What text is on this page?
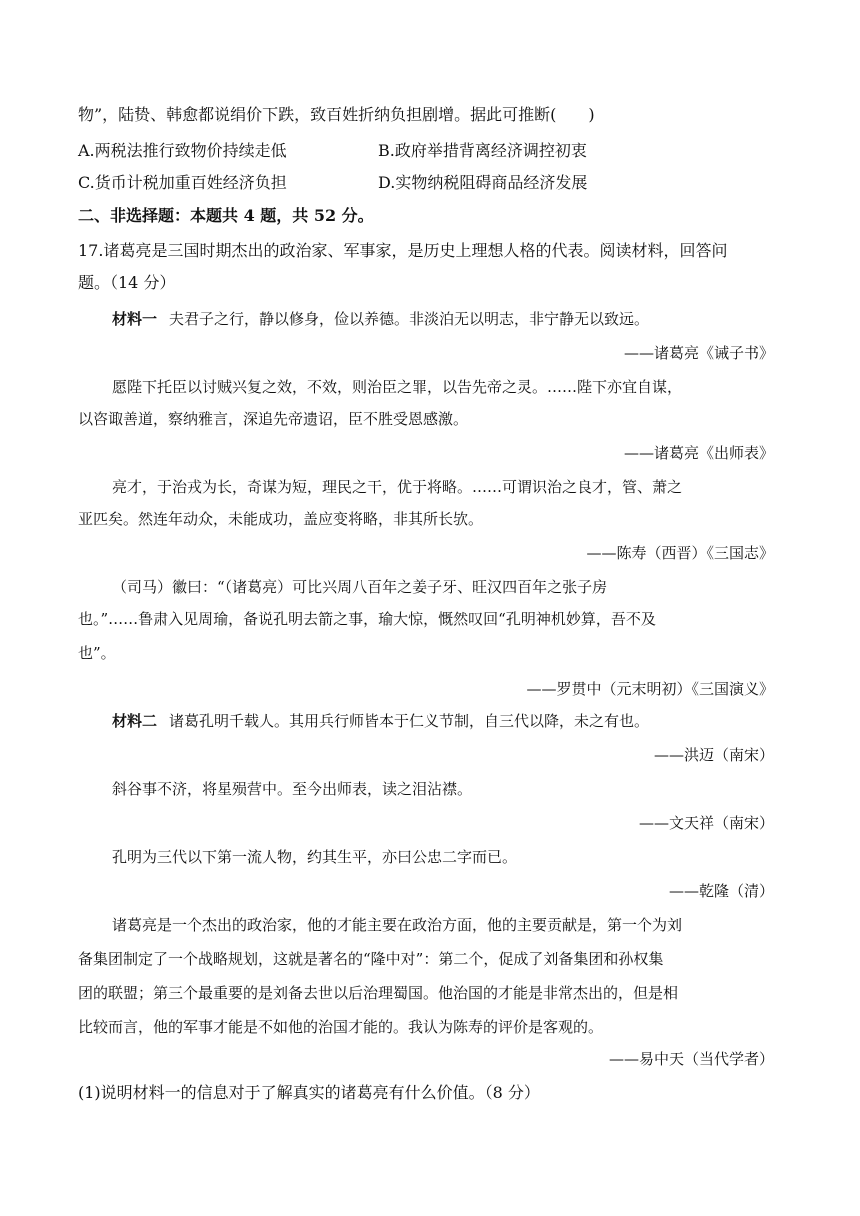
物”，陆贽、韩愈都说绢价下跌，致百姓折纳负担剧增。据此可推断(　　)
A.两税法推行致物价持续走低	B.政府举措背离经济调控初衷
C.货币计税加重百姓经济负担	D.实物纳税阻碍商品经济发展
二、非选择题：本题共 4 题，共 52 分。
17.诸葛亮是三国时期杰出的政治家、军事家，是历史上理想人格的代表。阅读材料，回答问
题。（14 分）
材料一 夫君子之行，静以修身，俭以养德。非淡泊无以明志，非宁静无以致远。
——诸葛亮《诫子书》
愿陛下托臣以讨贼兴复之效，不效，则治臣之罪，以告先帝之灵。……陛下亦宜自谋，
以咨诹善道，察纳雅言，深追先帝遗诏，臣不胜受恩感激。
——诸葛亮《出师表》
亮才，于治戎为长，奇谋为短，理民之干，优于将略。……可谓识治之良才，管、萧之
亚匹矣。然连年动众，未能成功，盖应变将略，非其所长欤。
——陈寿（西晋）《三国志》
（司马）徽曰：“（诸葛亮）可比兴周八百年之姜子牙、旺汉四百年之张子房
也。”……鲁肃入见周瑜，备说孔明去箭之事，瑜大惊，慨然叹回“孔明神机妙算，吾不及
也”。
——罗贯中（元末明初）《三国演义》
材料二 诸葛孔明千载人。其用兵行师皆本于仁义节制，自三代以降，未之有也。
——洪迈（南宋）
斜谷事不济，将星殒营中。至今出师表，读之泪沾襟。
——文天祥（南宋）
孔明为三代以下第一流人物，约其生平，亦曰公忠二字而已。
——乾隆（清）
诸葛亮是一个杰出的政治家，他的才能主要在政治方面，他的主要贡献是，第一个为刘
备集团制定了一个战略规划，这就是著名的“隆中对”：第二个，促成了刘备集团和孙权集
团的联盟；第三个最重要的是刘备去世以后治理蜀国。他治国的才能是非常杰出的，但是相
比较而言，他的军事才能是不如他的治国才能的。我认为陈寿的评价是客观的。
——易中天（当代学者）
(1)说明材料一的信息对于了解真实的诸葛亮有什么价值。（8 分）
